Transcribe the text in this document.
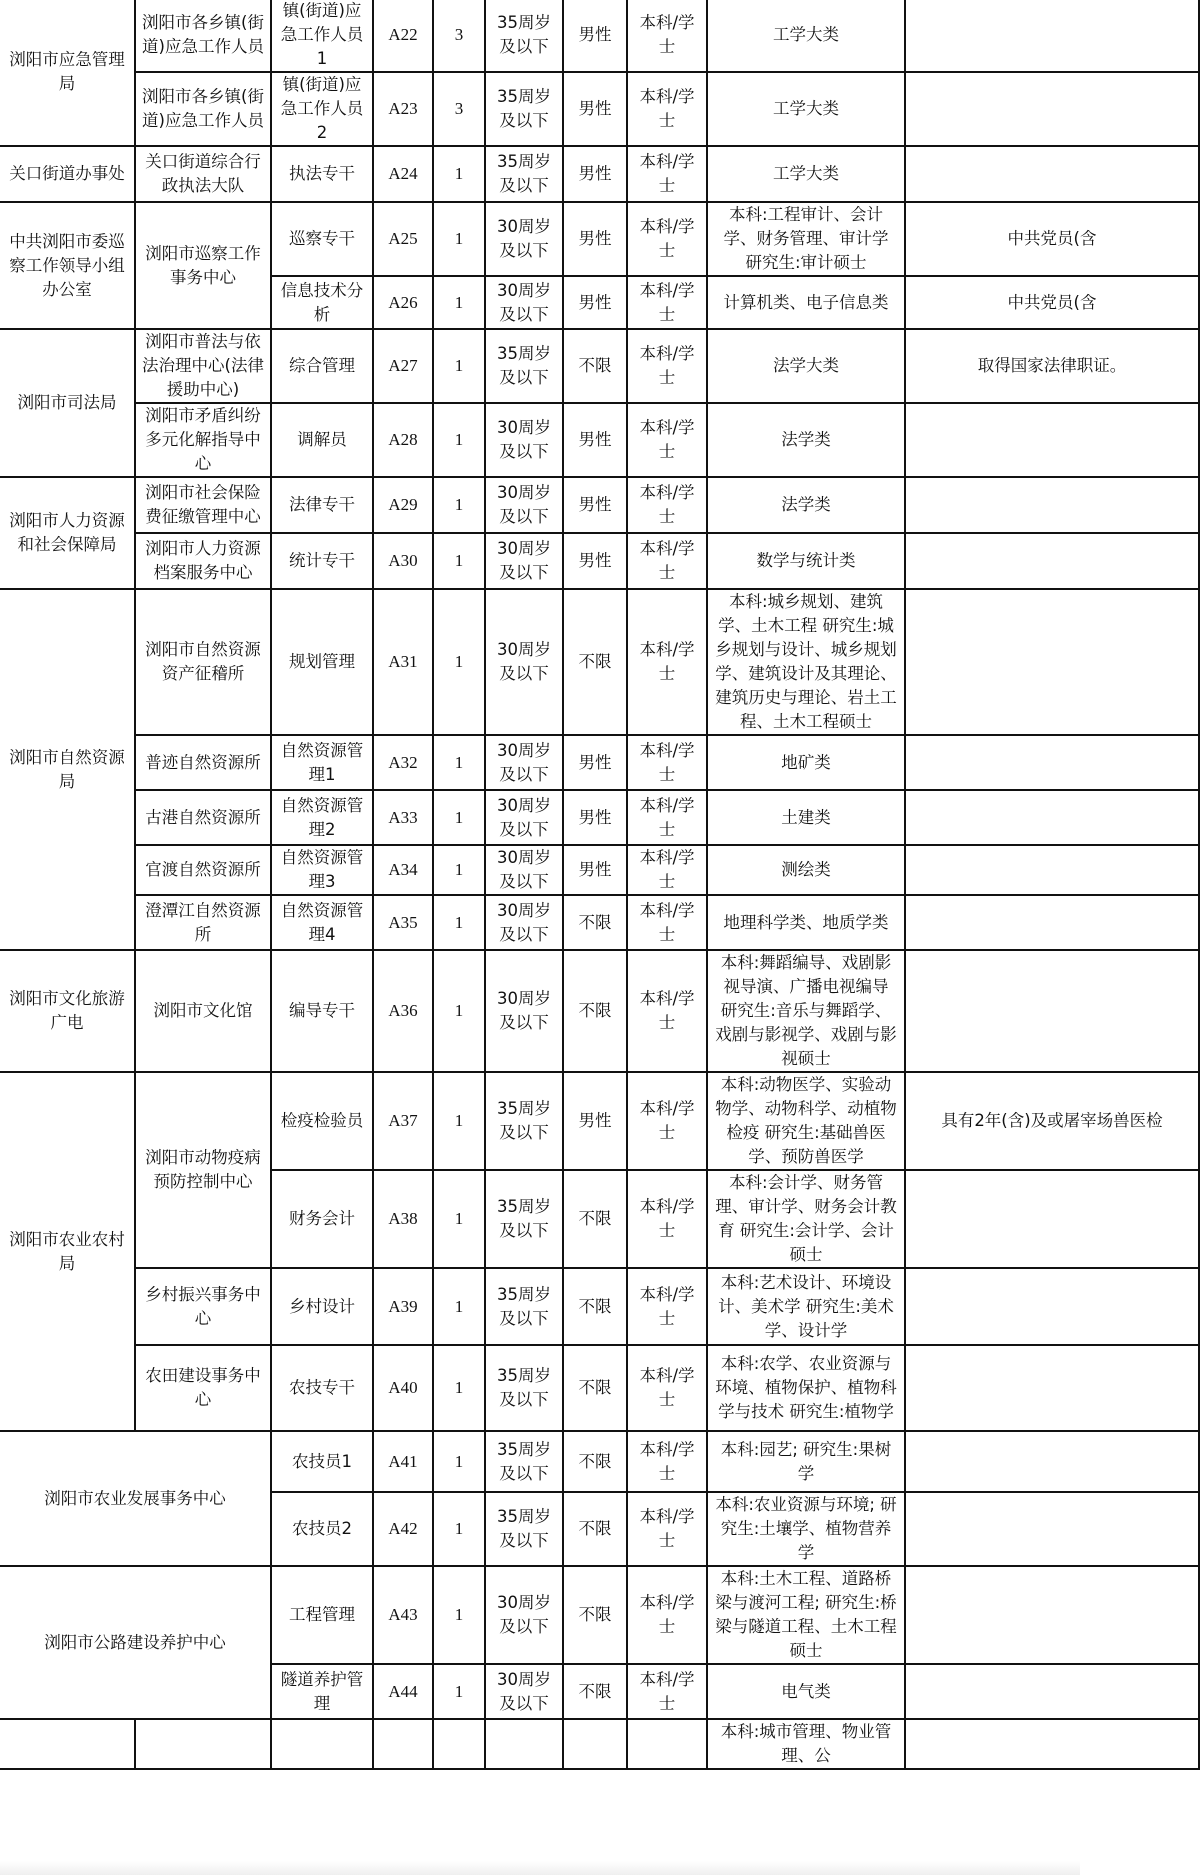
浏阳市应急管理局	浏阳市各乡镇(街道)应急工作人员	镇(街道)应急工作人员1	A22	3	35周岁及以下	男性	本科/学士	工学大类	
	浏阳市各乡镇(街道)应急工作人员	镇(街道)应急工作人员2	A23	3	35周岁及以下	男性	本科/学士	工学大类	
关口街道办事处	关口街道综合行政执法大队	执法专干	A24	1	35周岁及以下	男性	本科/学士	工学大类	
中共浏阳市委巡察工作领导小组办公室	浏阳市巡察工作事务中心	巡察专干	A25	1	30周岁及以下	男性	本科/学士	本科:工程审计、会计学、财务管理、审计学 研究生:审计硕士	中共党员(含
		信息技术分析	A26	1	30周岁及以下	男性	本科/学士	计算机类、电子信息类	中共党员(含
浏阳市司法局	浏阳市普法与依法治理中心(法律援助中心)	综合管理	A27	1	35周岁及以下	不限	本科/学士	法学大类	取得国家法律职证。
	浏阳市矛盾纠纷多元化解指导中心	调解员	A28	1	30周岁及以下	男性	本科/学士	法学类	
浏阳市人力资源和社会保障局	浏阳市社会保险费征缴管理中心	法律专干	A29	1	30周岁及以下	男性	本科/学士	法学类	
	浏阳市人力资源档案服务中心	统计专干	A30	1	30周岁及以下	男性	本科/学士	数学与统计类	
浏阳市自然资源局	浏阳市自然资源资产征稽所	规划管理	A31	1	30周岁及以下	不限	本科/学士	本科:城乡规划、建筑学、土木工程 研究生:城乡规划与设计、城乡规划学、建筑设计及其理论、建筑历史与理论、岩土工程、土木工程硕士	
	普迹自然资源所	自然资源管理1	A32	1	30周岁及以下	男性	本科/学士	地矿类	
	古港自然资源所	自然资源管理2	A33	1	30周岁及以下	男性	本科/学士	土建类	
	官渡自然资源所	自然资源管理3	A34	1	30周岁及以下	男性	本科/学士	测绘类	
	澄潭江自然资源所	自然资源管理4	A35	1	30周岁及以下	不限	本科/学士	地理科学类、地质学类	
浏阳市文化旅游广电	浏阳市文化馆	编导专干	A36	1	30周岁及以下	不限	本科/学士	本科:舞蹈编导、戏剧影视导演、广播电视编导 研究生:音乐与舞蹈学、戏剧与影视学、戏剧与影视硕士	
浏阳市农业农村局	浏阳市动物疫病预防控制中心	检疫检验员	A37	1	35周岁及以下	男性	本科/学士	本科:动物医学、实验动物学、动物科学、动植物检疫 研究生:基础兽医学、预防兽医学	具有2年(含)及或屠宰场兽医检
		财务会计	A38	1	35周岁及以下	不限	本科/学士	本科:会计学、财务管理、审计学、财务会计教育 研究生:会计学、会计硕士	
	乡村振兴事务中心	乡村设计	A39	1	35周岁及以下	不限	本科/学士	本科:艺术设计、环境设计、美术学 研究生:美术学、设计学	
	农田建设事务中心	农技专干	A40	1	35周岁及以下	不限	本科/学士	本科:农学、农业资源与环境、植物保护、植物科学与技术 研究生:植物学	
浏阳市农业发展事务中心		农技员1	A41	1	35周岁及以下	不限	本科/学士	本科:园艺; 研究生:果树学	
		农技员2	A42	1	35周岁及以下	不限	本科/学士	本科:农业资源与环境; 研究生:土壤学、植物营养学	
浏阳市公路建设养护中心		工程管理	A43	1	30周岁及以下	不限	本科/学士	本科:土木工程、道路桥梁与渡河工程; 研究生:桥梁与隧道工程、土木工程硕士	
		隧道养护管理	A44	1	30周岁及以下	不限	本科/学士	电气类	
								本科:城市管理、物业管理、公	
